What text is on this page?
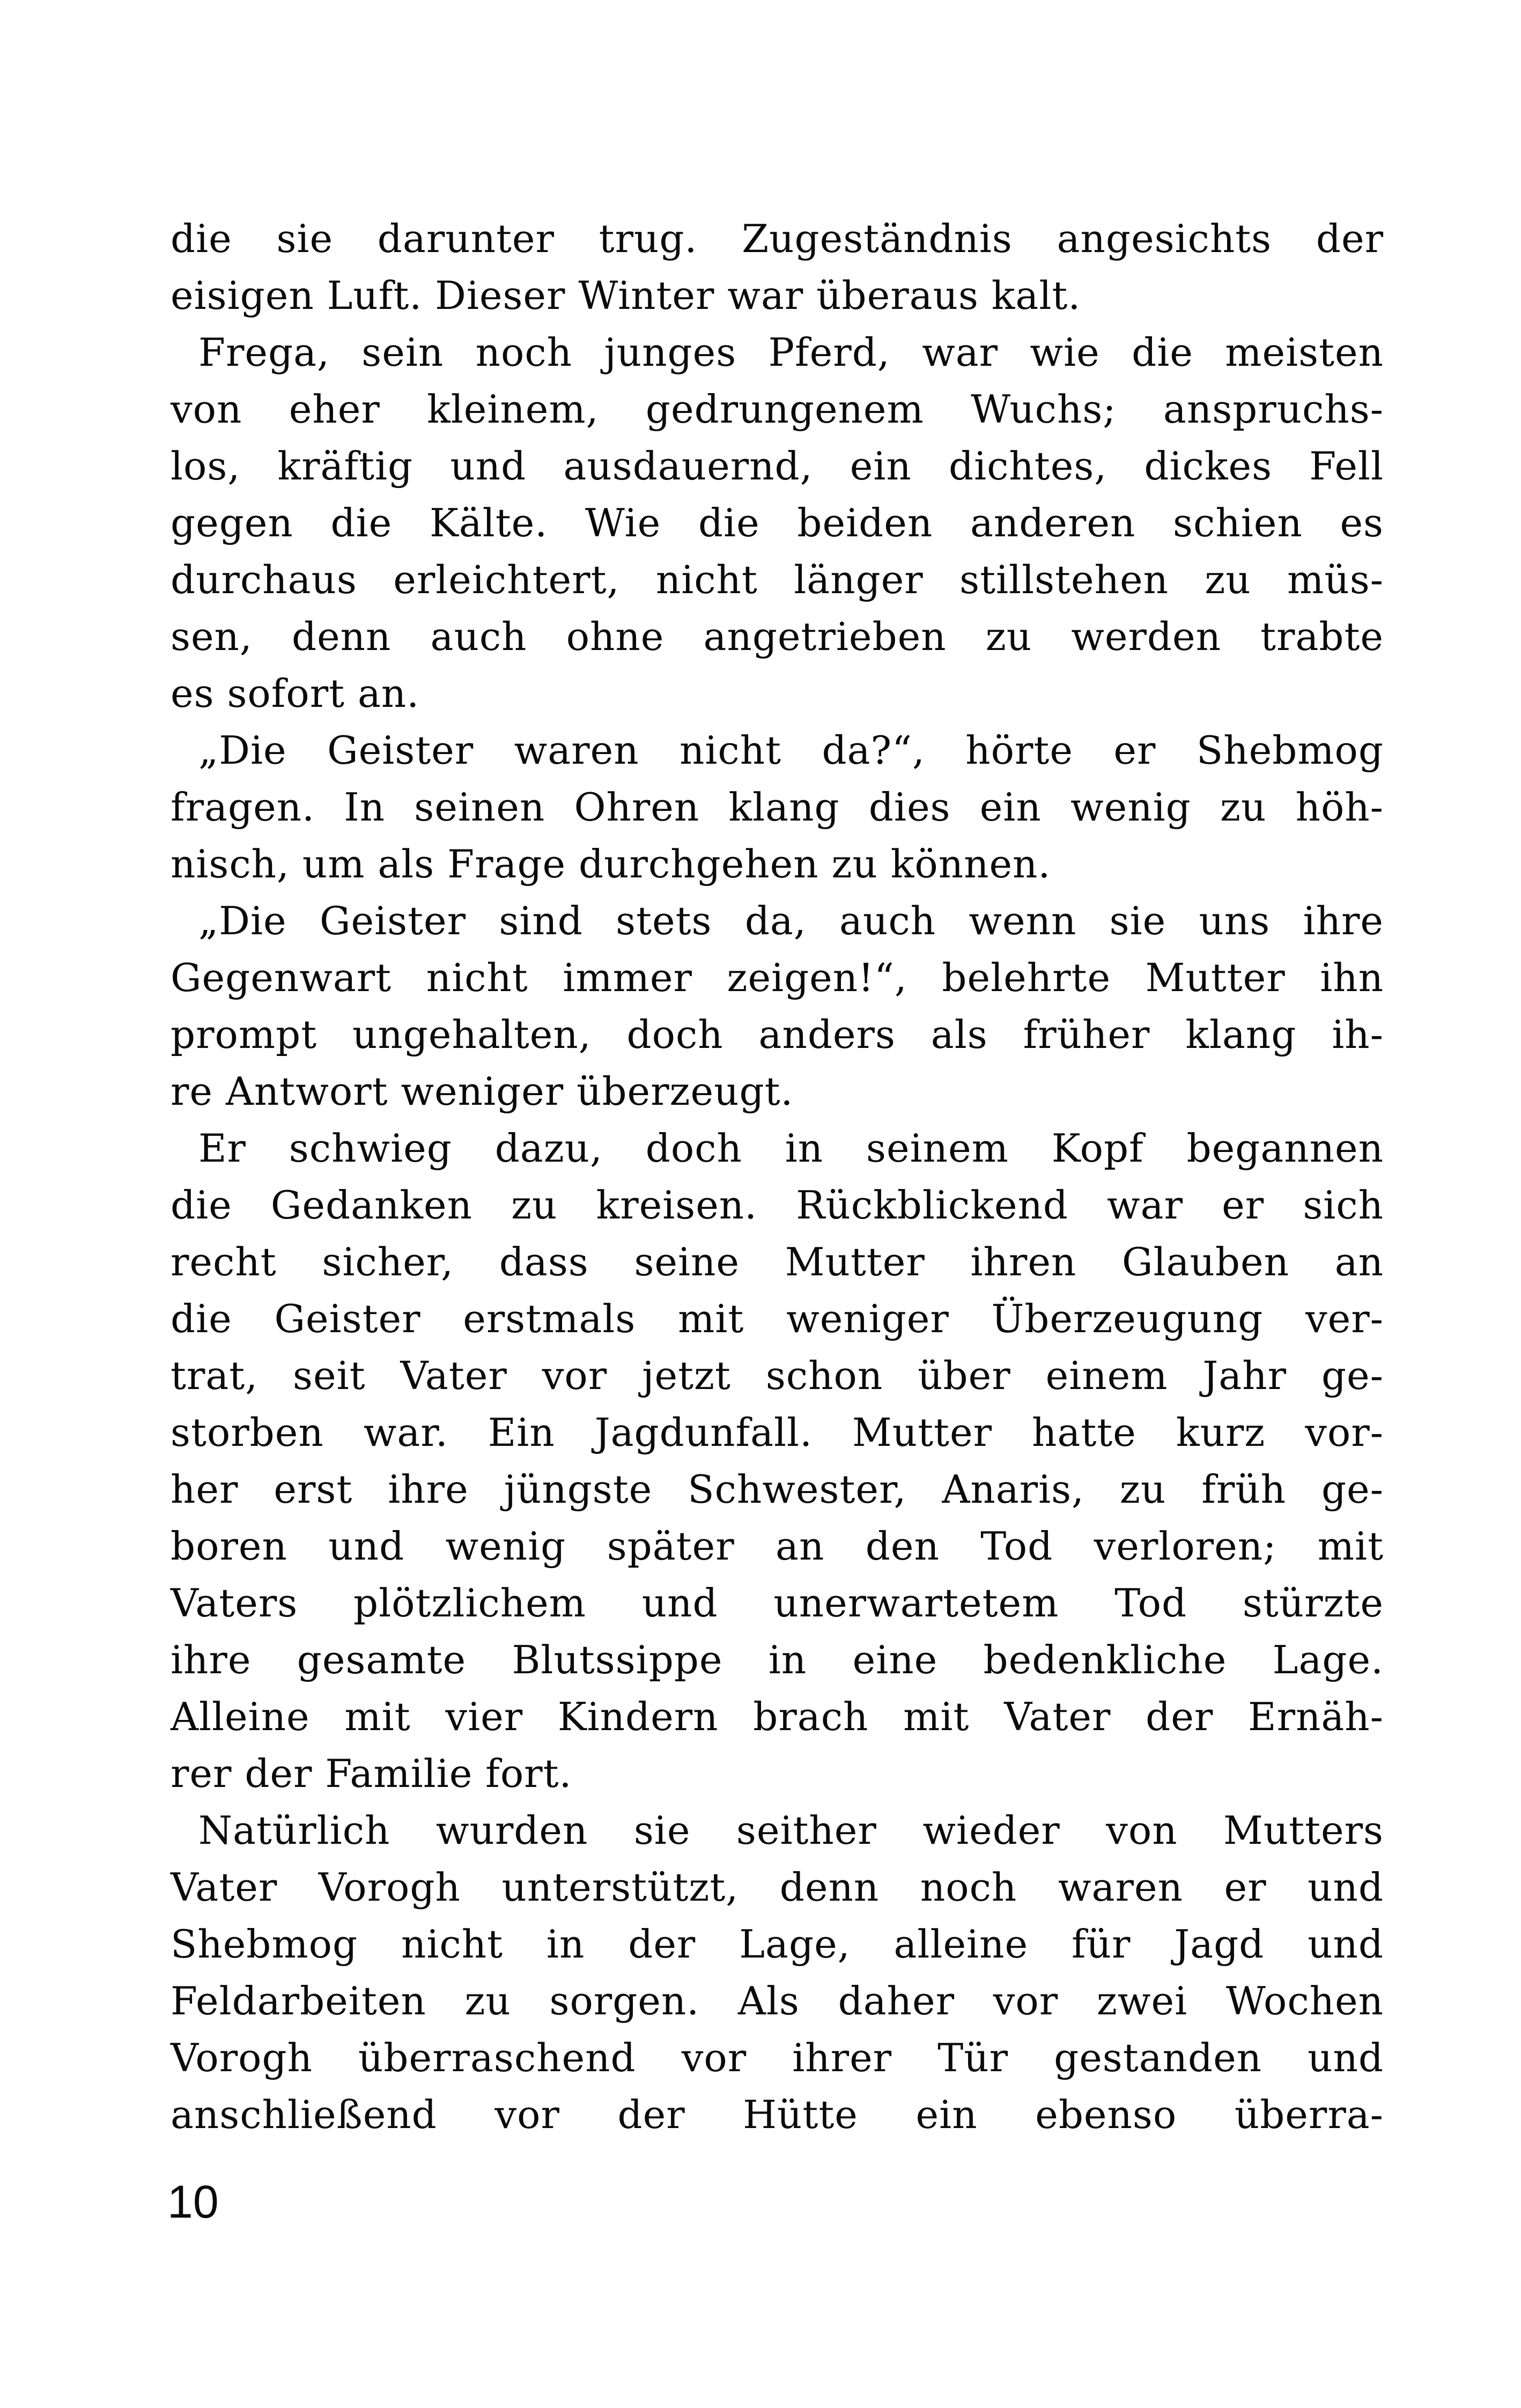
die sie darunter trug. Zugeständnis angesichts der
eisigen Luft. Dieser Winter war überaus kalt.
Frega, sein noch junges Pferd, war wie die meisten
von eher kleinem, gedrungenem Wuchs; anspruchs-
los, kräftig und ausdauernd, ein dichtes, dickes Fell
gegen die Kälte. Wie die beiden anderen schien es
durchaus erleichtert, nicht länger stillstehen zu müs-
sen, denn auch ohne angetrieben zu werden trabte
es sofort an.
„Die Geister waren nicht da?“, hörte er Shebmog
fragen. In seinen Ohren klang dies ein wenig zu höh-
nisch, um als Frage durchgehen zu können.
„Die Geister sind stets da, auch wenn sie uns ihre
Gegenwart nicht immer zeigen!“, belehrte Mutter ihn
prompt ungehalten, doch anders als früher klang ih-
re Antwort weniger überzeugt.
Er schwieg dazu, doch in seinem Kopf begannen
die Gedanken zu kreisen. Rückblickend war er sich
recht sicher, dass seine Mutter ihren Glauben an
die Geister erstmals mit weniger Überzeugung ver-
trat, seit Vater vor jetzt schon über einem Jahr ge-
storben war. Ein Jagdunfall. Mutter hatte kurz vor-
her erst ihre jüngste Schwester, Anaris, zu früh ge-
boren und wenig später an den Tod verloren; mit
Vaters plötzlichem und unerwartetem Tod stürzte
ihre gesamte Blutssippe in eine bedenkliche Lage.
Alleine mit vier Kindern brach mit Vater der Ernäh-
rer der Familie fort.
Natürlich wurden sie seither wieder von Mutters
Vater Vorogh unterstützt, denn noch waren er und
Shebmog nicht in der Lage, alleine für Jagd und
Feldarbeiten zu sorgen. Als daher vor zwei Wochen
Vorogh überraschend vor ihrer Tür gestanden und
anschließend vor der Hütte ein ebenso überra-
10
